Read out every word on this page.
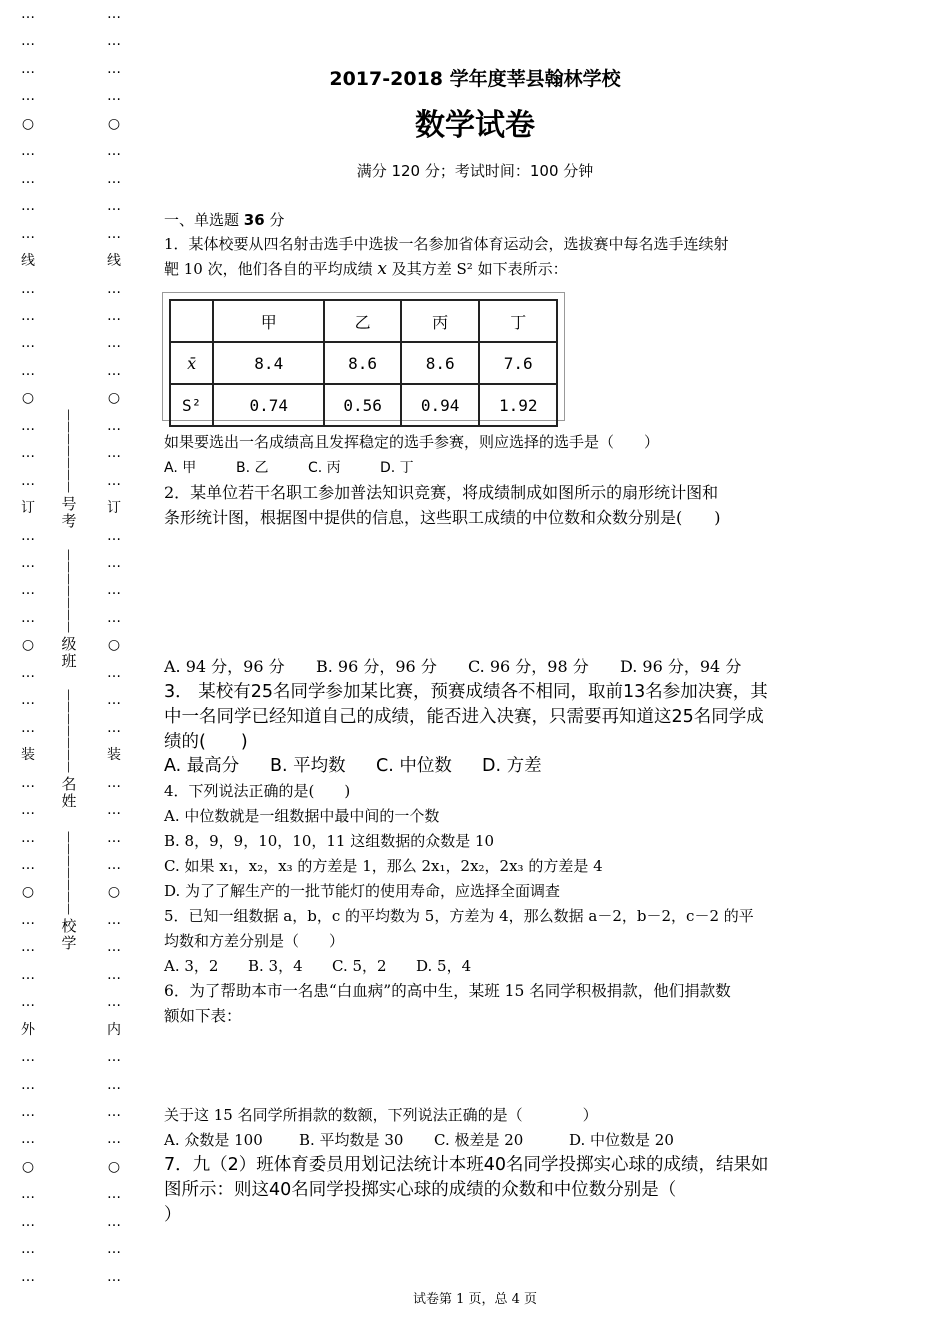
…
…
…
…
○
…
…
…
…
线
…
…
…
…
○
…
…
…
订
…
…
…
…
○
…
…
…
装
…
…
…
…
○
…
…
…
…
外
…
…
…
…
○
…
…
…
…
…
…
…
…
○
…
…
…
…
线
…
…
…
…
○
…
…
…
订
…
…
…
…
○
…
…
…
装
…
…
…
…
○
…
…
…
…
内
…
…
…
…
○
…
…
…
…
—
—
—
—
—
—
—
号
考
—
—
—
—
—
—
—
级
班
—
—
—
—
—
—
—
名
姓
—
—
—
—
—
—
—
校
学
2017-2018 学年度莘县翰林学校
数学试卷
满分 120 分；考试时间：100 分钟
一、单选题 36 分
1．某体校要从四名射击选手中选拔一名参加省体育运动会，选拔赛中每名选手连续射
靶 10 次，他们各自的平均成绩 x 及其方差 S² 如下表所示：
	甲	乙	丙	丁
x̄	8.4	8.6	8.6	7.6
S²	0.74	0.56	0.94	1.92
如果要选出一名成绩高且发挥稳定的选手参赛，则应选择的选手是（　　）
A. 甲	B. 乙	C. 丙	D. 丁
2．某单位若干名职工参加普法知识竞赛，将成绩制成如图所示的扇形统计图和
条形统计图，根据图中提供的信息，这些职工成绩的中位数和众数分别是(　　)
A. 94 分，96 分 B. 96 分，96 分 C. 96 分，98 分 D. 96 分，94 分
3． 某校有25名同学参加某比赛，预赛成绩各不相同，取前13名参加决赛，其
中一名同学已经知道自己的成绩，能否进入决赛，只需要再知道这25名同学成
绩的(　　)
A. 最高分 B. 平均数 C. 中位数 D. 方差
4．下列说法正确的是(　　)
A. 中位数就是一组数据中最中间的一个数
B. 8，9，9，10，10，11 这组数据的众数是 10
C. 如果 x₁，x₂，x₃ 的方差是 1，那么 2x₁，2x₂，2x₃ 的方差是 4
D. 为了了解生产的一批节能灯的使用寿命，应选择全面调查
5．已知一组数据 a，b，c 的平均数为 5，方差为 4，那么数据 a－2，b－2，c－2 的平
均数和方差分别是（　　）
A. 3，2 B. 3，4 C. 5，2 D. 5，4
6．为了帮助本市一名患“白血病”的高中生，某班 15 名同学积极捐款，他们捐款数
额如下表：
关于这 15 名同学所捐款的数额，下列说法正确的是（　　　　）
A. 众数是 100 B. 平均数是 30 C. 极差是 20	D. 中位数是 20
7．九（2）班体育委员用划记法统计本班40名同学投掷实心球的成绩，结果如
图所示：则这40名同学投掷实心球的成绩的众数和中位数分别是（
）
试卷第 1 页，总 4 页
